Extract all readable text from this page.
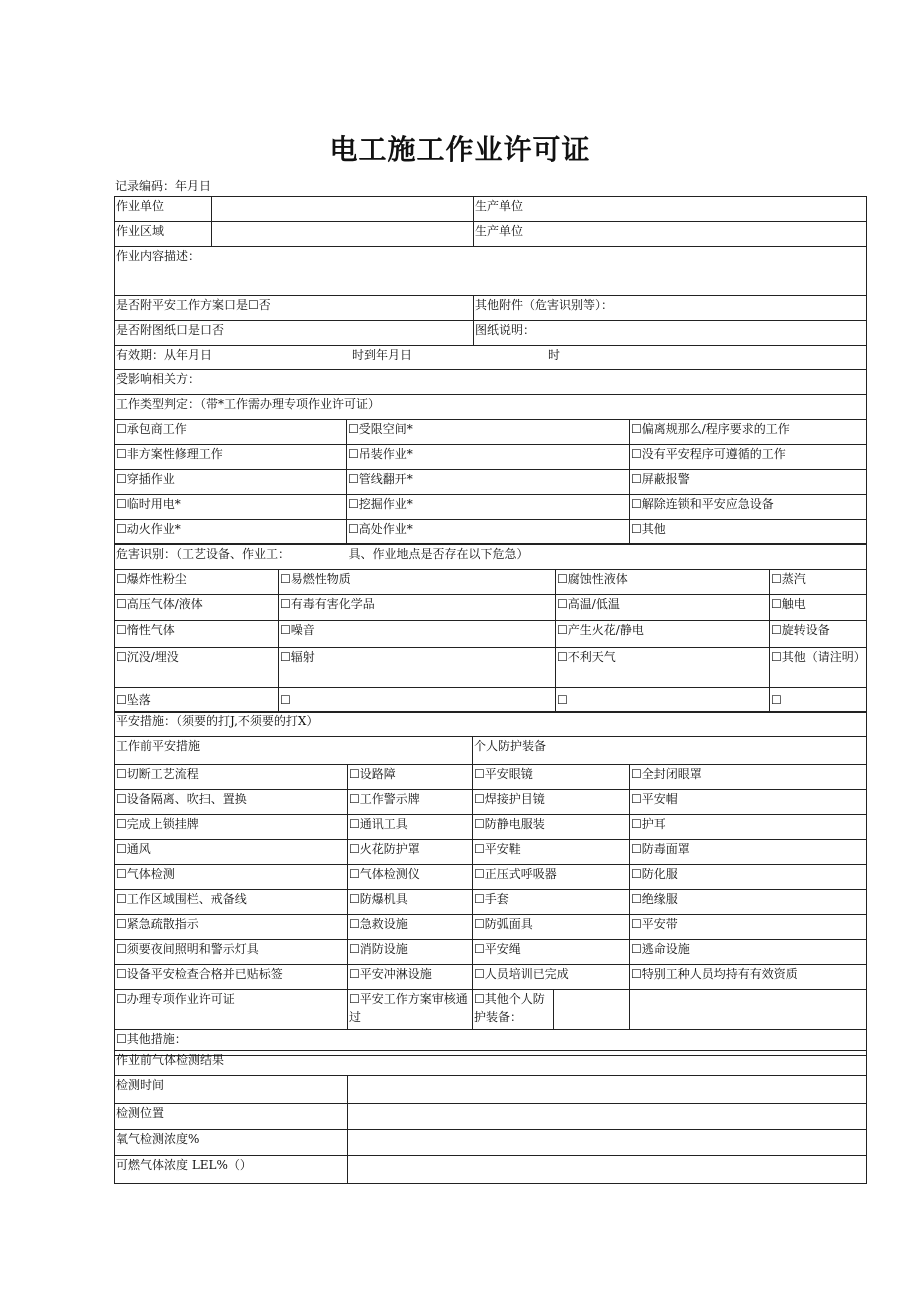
电工施工作业许可证
记录编码：年月日
作业单位			生产单位	
作业区域			生产单位	
作业内容描述：				
是否附平安工作方案口是☐否			其他附件（危害识别等）：	
是否附图纸口是口否			图纸说明：	
有效期：从年月日 时到年月日 时				
受影响相关方：				
工作类型判定：（带*工作需办理专项作业许可证）				
☐承包商工作		☐受限空间*		☐偏离规那么/程序要求的工作
☐非方案性修理工作		☐吊装作业*		☐没有平安程序可遵循的工作
☐穿插作业		☐管线翻开*		☐屏蔽报警
☐临时用电*		☐挖掘作业*		☐解除连锁和平安应急设备
☐动火作业*		☐高处作业*		☐其他
危害识别：（工艺设备、作业工：		具、作业地点是否存在以下危急）		
☐爆炸性粉尘	☐易燃性物质		☐腐蚀性液体	☐蒸汽
☐高压气体/液体	☐有毒有害化学品		☐高温/低温	☐触电
☐惰性气体	☐噪音		☐产生火花/静电	☐旋转设备
☐沉没/埋没	☐辐射		☐不利天气	☐其他（请注明）
☐坠落	☐		☐	☐
平安措施：（须要的打J,不须要的打X）				
工作前平安措施		个人防护装备		
☐切断工艺流程	☐设路障	☐平安眼镜		☐全封闭眼罩
☐设备隔离、吹扫、置换	☐工作警示牌	☐焊接护目镜		☐平安帽
☐完成上锁挂牌	☐通讯工具	☐防静电服装		☐护耳
☐通风	☐火花防护罩	☐平安鞋		☐防毒面罩
☐气体检测	☐气体检测仪	☐正压式呼吸器		☐防化服
☐工作区域围栏、戒备线	☐防爆机具	☐手套		☐绝缘服
☐紧急疏散指示	☐急救设施	☐防弧面具		☐平安带
☐须要夜间照明和警示灯具	☐消防设施	☐平安绳		☐逃命设施
☐设备平安检查合格并已贴标签	☐平安冲淋设施	☐人员培训已完成		☐特别工种人员均持有有效资质
☐办理专项作业许可证	☐平安工作方案审核通过	☐其他个人防护装备：		
☐其他措施：				
作业前气体检测结果	
检测时间	
检测位置	
氧气检测浓度%	
可燃气体浓度 LEL%（）	
